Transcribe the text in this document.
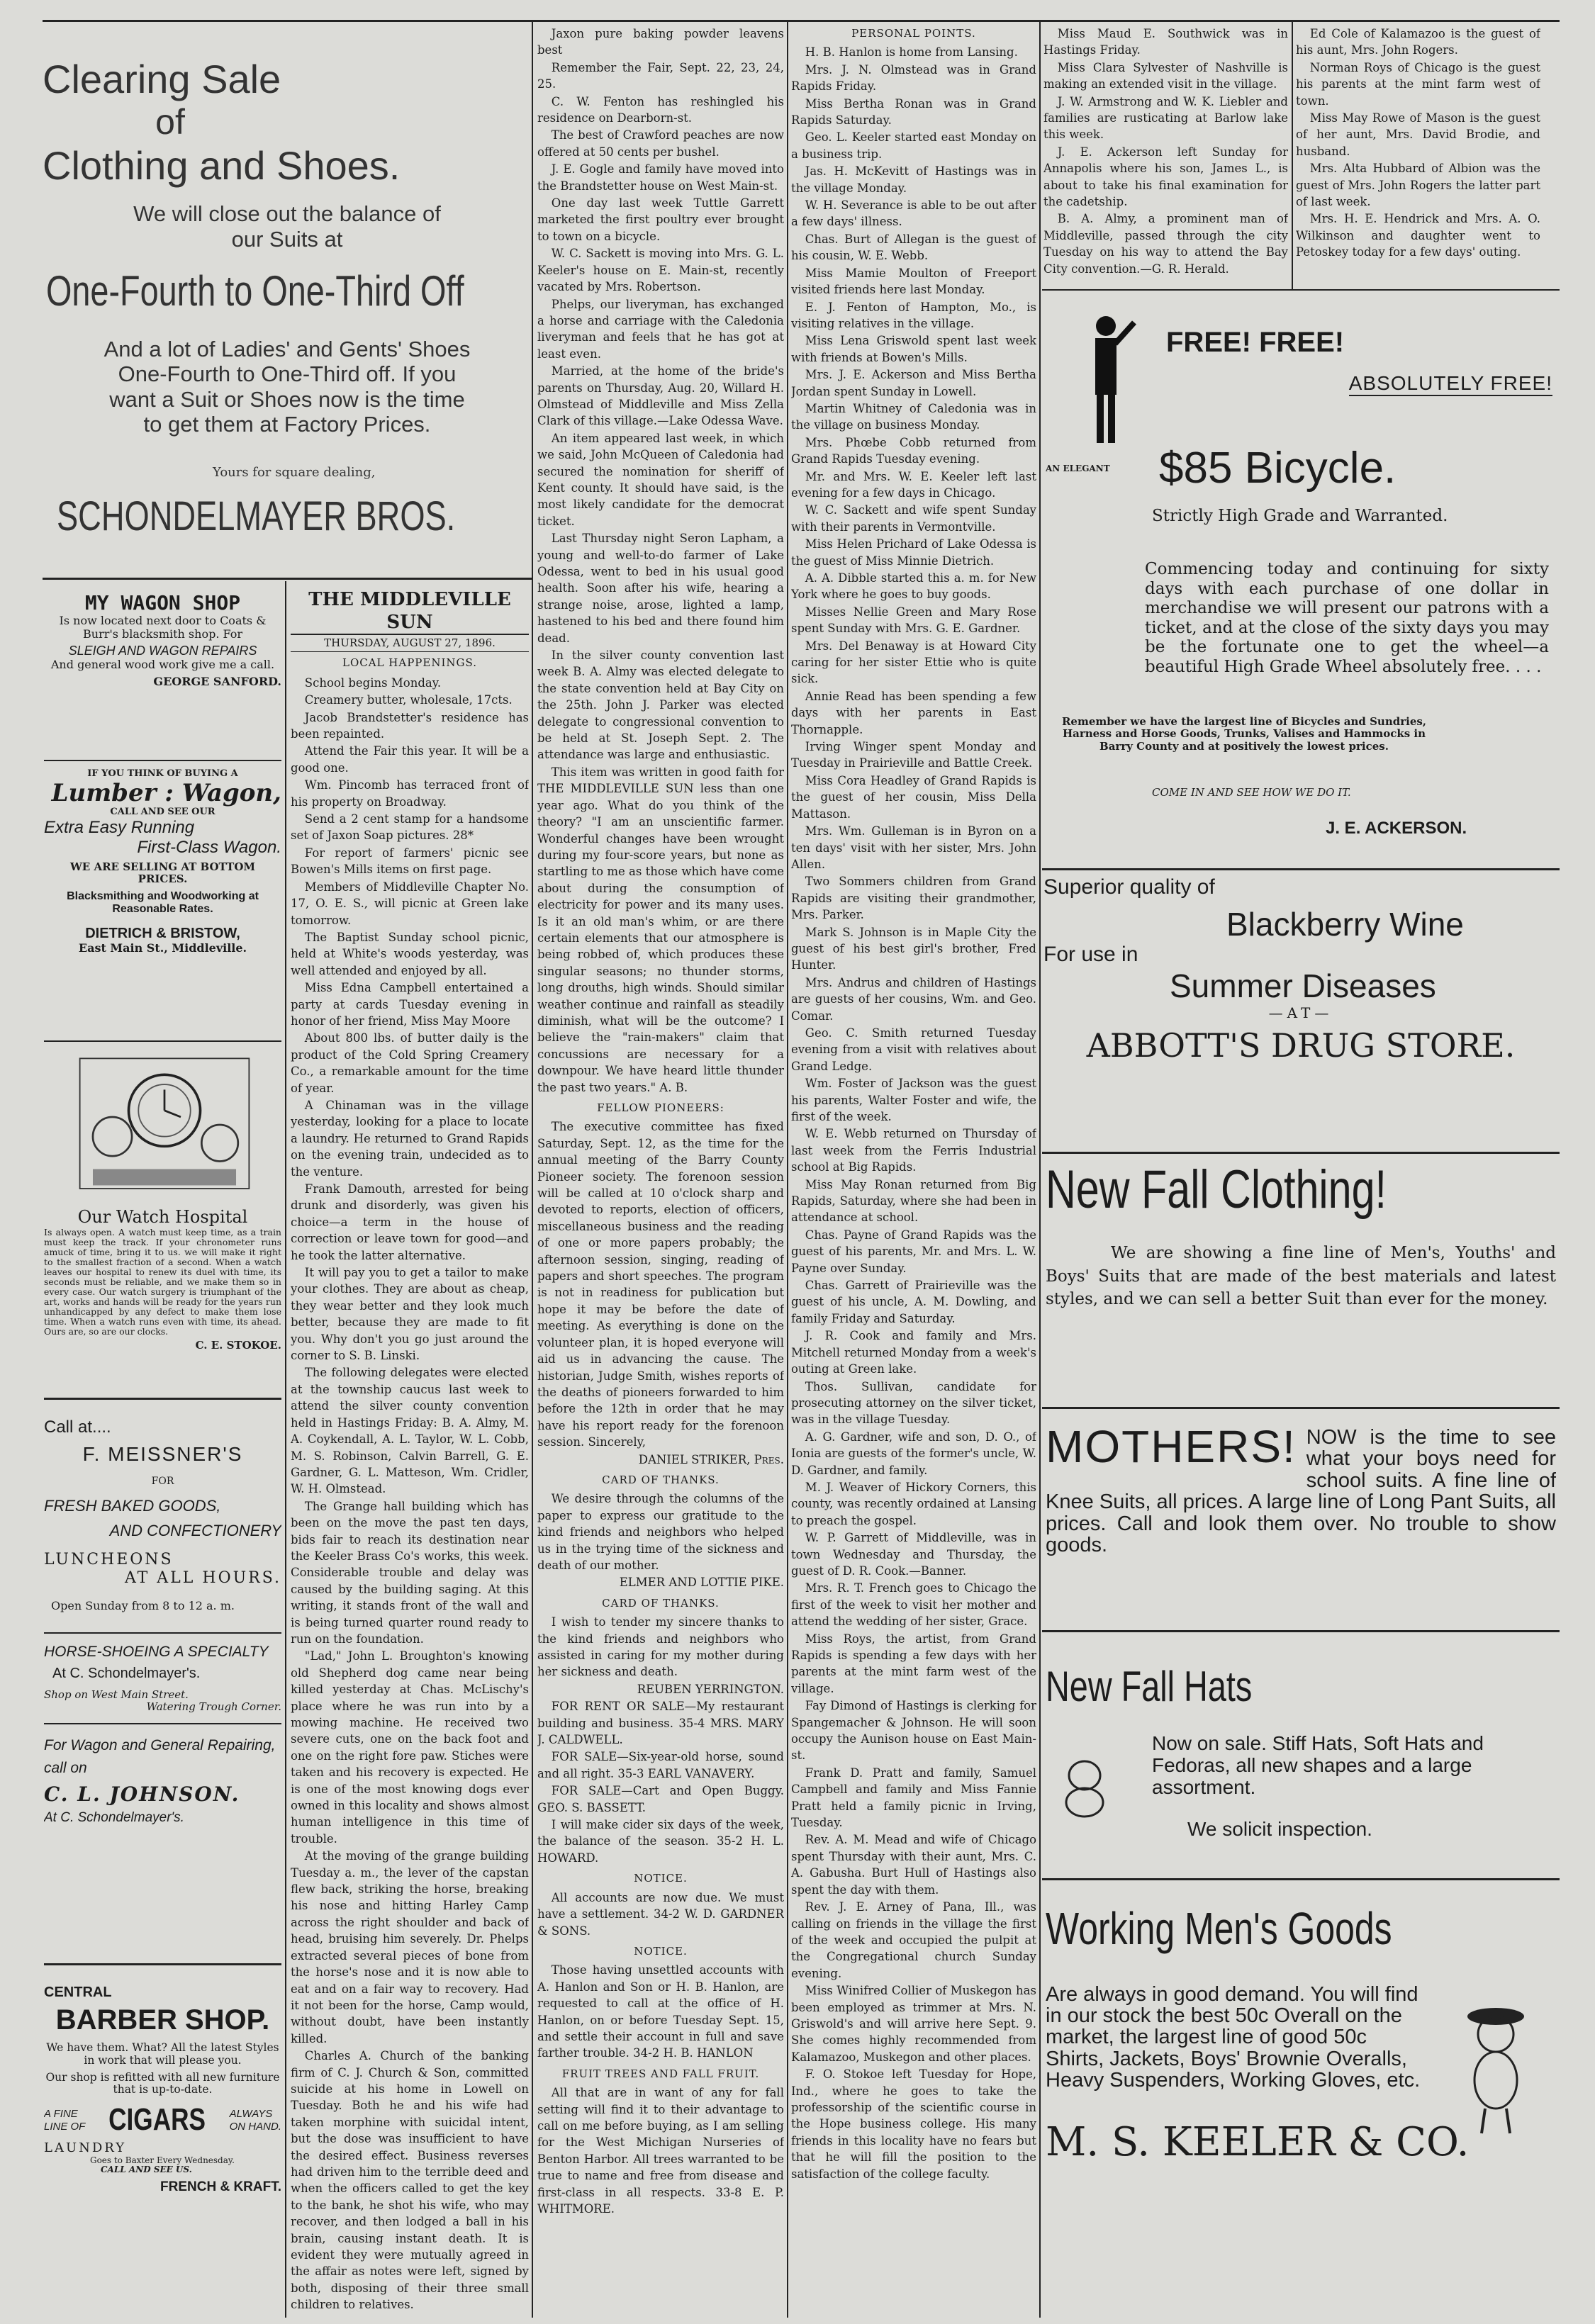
Clearing Sale
of
Clothing and Shoes.
We will close out the balance of
our Suits at
One-Fourth to One-Third Off
And a lot of Ladies' and Gents' Shoes
One-Fourth to One-Third off. If you
want a Suit or Shoes now is the time
to get them at Factory Prices.
Yours for square dealing,
SCHONDELMAYER BROS.
MY WAGON SHOP
Is now located next door to Coats & Burr's blacksmith shop. For
SLEIGH AND WAGON REPAIRS
And general wood work give me a call.
GEORGE SANFORD.
IF YOU THINK OF BUYING A
Lumber : Wagon,
CALL AND SEE OUR
Extra Easy Running
First-Class Wagon.
WE ARE SELLING AT BOTTOM PRICES.
Blacksmithing and Woodworking at Reasonable Rates.
DIETRICH & BRISTOW,
East Main St., Middleville.
Our Watch Hospital
Is always open. A watch must keep time, as a train must keep the track. If your chronometer runs amuck of time, bring it to us. we will make it right to the smallest fraction of a second. When a watch leaves our hospital to renew its duel with time, its seconds must be reliable, and we make them so in every case. Our watch surgery is triumphant of the art, works and hands will be ready for the years run unhandicapped by any defect to make them lose time. When a watch runs even with time, its ahead. Ours are, so are our clocks.
C. E. STOKOE.
Call at....
F. MEISSNER'S
FOR
FRESH BAKED GOODS,
AND CONFECTIONERY
LUNCHEONS
AT ALL HOURS.
Open Sunday from 8 to 12 a. m.
HORSE-SHOEING A SPECIALTY
At C. Schondelmayer's.
Shop on West Main Street.
Watering Trough Corner.
For Wagon and General Repairing, call on
C. L. JOHNSON.
At C. Schondelmayer's.
CENTRAL
BARBER SHOP.
We have them. What? All the latest Styles in work that will please you.
Our shop is refitted with all new furniture that is up-to-date.
A FINE
LINE OF CIGARS ALWAYS
ON HAND.
LAUNDRY
Goes to Baxter Every Wednesday.
CALL AND SEE US.
FRENCH & KRAFT.
THE MIDDLEVILLE SUN
THURSDAY, AUGUST 27, 1896.
LOCAL HAPPENINGS.

School begins Monday.

Creamery butter, wholesale, 17cts.

Jacob Brandstetter's residence has been repainted.

Attend the Fair this year. It will be a good one.

Wm. Pincomb has terraced front of his property on Broadway.

Send a 2 cent stamp for a handsome set of Jaxon Soap pictures. 28*

For report of farmers' picnic see Bowen's Mills items on first page.

Members of Middleville Chapter No. 17, O. E. S., will picnic at Green lake tomorrow.

The Baptist Sunday school picnic, held at White's woods yesterday, was well attended and enjoyed by all.

Miss Edna Campbell entertained a party at cards Tuesday evening in honor of her friend, Miss May Moore

About 800 lbs. of butter daily is the product of the Cold Spring Creamery Co., a remarkable amount for the time of year.

A Chinaman was in the village yesterday, looking for a place to locate a laundry. He returned to Grand Rapids on the evening train, undecided as to the venture.

Frank Damouth, arrested for being drunk and disorderly, was given his choice—a term in the house of correction or leave town for good—and he took the latter alternative.

It will pay you to get a tailor to make your clothes. They are about as cheap, they wear better and they look much better, because they are made to fit you. Why don't you go just around the corner to S. B. Linski.

The following delegates were elected at the township caucus last week to attend the silver county convention held in Hastings Friday: B. A. Almy, M. A. Coykendall, A. L. Taylor, W. L. Cobb, M. S. Robinson, Calvin Barrell, G. E. Gardner, G. L. Matteson, Wm. Cridler, W. H. Olmstead.

The Grange hall building which has been on the move the past ten days, bids fair to reach its destination near the Keeler Brass Co's works, this week. Considerable trouble and delay was caused by the building saging. At this writing, it stands front of the wall and is being turned quarter round ready to run on the foundation.

"Lad," John L. Broughton's knowing old Shepherd dog came near being killed yesterday at Chas. McLischy's place where he was run into by a mowing machine. He received two severe cuts, one on the back foot and one on the right fore paw. Stiches were taken and his recovery is expected. He is one of the most knowing dogs ever owned in this locality and shows almost human intelligence in this time of trouble.

At the moving of the grange building Tuesday a. m., the lever of the capstan flew back, striking the horse, breaking his nose and hitting Harley Camp across the right shoulder and back of head, bruising him severely. Dr. Phelps extracted several pieces of bone from the horse's nose and it is now able to eat and on a fair way to recovery. Had it not been for the horse, Camp would, without doubt, have been instantly killed.

Charles A. Church of the banking firm of C. J. Church & Son, committed suicide at his home in Lowell on Tuesday. Both he and his wife had taken morphine with suicidal intent, but the dose was insufficient to have the desired effect. Business reverses had driven him to the terrible deed and when the officers called to get the key to the bank, he shot his wife, who may recover, and then lodged a ball in his brain, causing instant death. It is evident they were mutually agreed in the affair as notes were left, signed by both, disposing of their three small children to relatives.

Jaxon pure baking powder leavens best

Remember the Fair, Sept. 22, 23, 24, 25.

C. W. Fenton has reshingled his residence on Dearborn-st.

The best of Crawford peaches are now offered at 50 cents per bushel.

J. E. Gogle and family have moved into the Brandstetter house on West Main-st.

One day last week Tuttle Garrett marketed the first poultry ever brought to town on a bicycle.

W. C. Sackett is moving into Mrs. G. L. Keeler's house on E. Main-st, recently vacated by Mrs. Robertson.

Phelps, our liveryman, has exchanged a horse and carriage with the Caledonia liveryman and feels that he has got at least even.

Married, at the home of the bride's parents on Thursday, Aug. 20, Willard H. Olmstead of Middleville and Miss Zella Clark of this village.—Lake Odessa Wave.

An item appeared last week, in which we said, John McQueen of Caledonia had secured the nomination for sheriff of Kent county. It should have said, is the most likely candidate for the democrat ticket.

Last Thursday night Seron Lapham, a young and well-to-do farmer of Lake Odessa, went to bed in his usual good health. Soon after his wife, hearing a strange noise, arose, lighted a lamp, hastened to his bed and there found him dead.

In the silver county convention last week B. A. Almy was elected delegate to the state convention held at Bay City on the 25th. John J. Parker was elected delegate to congressional convention to be held at St. Joseph Sept. 2. The attendance was large and enthusiastic.

This item was written in good faith for THE MIDDLEVILLE SUN less than one year ago. What do you think of the theory? "I am an unscientific farmer. Wonderful changes have been wrought during my four-score years, but none as startling to me as those which have come about during the consumption of electricity for power and its many uses. Is it an old man's whim, or are there certain elements that our atmosphere is being robbed of, which produces these singular seasons; no thunder storms, long drouths, high winds. Should similar weather continue and rainfall as steadily diminish, what will be the outcome? I believe the "rain-makers" claim that concussions are necessary for a downpour. We have heard little thunder the past two years." A. B.

FELLOW PIONEERS:

The executive committee has fixed Saturday, Sept. 12, as the time for the annual meeting of the Barry County Pioneer society. The forenoon session will be called at 10 o'clock sharp and devoted to reports, election of officers, miscellaneous business and the reading of one or more papers probably; the afternoon session, singing, reading of papers and short speeches. The program is not in readiness for publication but hope it may be before the date of meeting. As everything is done on the volunteer plan, it is hoped everyone will aid us in advancing the cause. The historian, Judge Smith, wishes reports of the deaths of pioneers forwarded to him before the 12th in order that he may have his report ready for the forenoon session. Sincerely,

DANIEL STRIKER, Pres.

CARD OF THANKS.

We desire through the columns of the paper to express our gratitude to the kind friends and neighbors who helped us in the trying time of the sickness and death of our mother.

ELMER AND LOTTIE PIKE.

CARD OF THANKS.

I wish to tender my sincere thanks to the kind friends and neighbors who assisted in caring for my mother during her sickness and death.

REUBEN YERRINGTON.

FOR RENT OR SALE—My restaurant building and business. 35-4 MRS. MARY J. CALDWELL.

FOR SALE—Six-year-old horse, sound and all right. 35-3 EARL VANAVERY.

FOR SALE—Cart and Open Buggy. GEO. S. BASSETT.

I will make cider six days of the week, the balance of the season. 35-2 H. L. HOWARD.

NOTICE.

All accounts are now due. We must have a settlement. 34-2 W. D. GARDNER & SONS.

NOTICE.

Those having unsettled accounts with A. Hanlon and Son or H. B. Hanlon, are requested to call at the office of H. Hanlon, on or before Tuesday Sept. 15, and settle their account in full and save farther trouble. 34-2 H. B. HANLON

FRUIT TREES AND FALL FRUIT.

All that are in want of any for fall setting will find it to their advantage to call on me before buying, as I am selling for the West Michigan Nurseries of Benton Harbor. All trees warranted to be true to name and free from disease and first-class in all respects. 33-8 E. P. WHITMORE.

PERSONAL POINTS.

H. B. Hanlon is home from Lansing.

Mrs. J. N. Olmstead was in Grand Rapids Friday.

Miss Bertha Ronan was in Grand Rapids Saturday.

Geo. L. Keeler started east Monday on a business trip.

Jas. H. McKevitt of Hastings was in the village Monday.

W. H. Severance is able to be out after a few days' illness.

Chas. Burt of Allegan is the guest of his cousin, W. E. Webb.

Miss Mamie Moulton of Freeport visited friends here last Monday.

E. J. Fenton of Hampton, Mo., is visiting relatives in the village.

Miss Lena Griswold spent last week with friends at Bowen's Mills.

Mrs. J. E. Ackerson and Miss Bertha Jordan spent Sunday in Lowell.

Martin Whitney of Caledonia was in the village on business Monday.

Mrs. Phœbe Cobb returned from Grand Rapids Tuesday evening.

Mr. and Mrs. W. E. Keeler left last evening for a few days in Chicago.

W. C. Sackett and wife spent Sunday with their parents in Vermontville.

Miss Helen Prichard of Lake Odessa is the guest of Miss Minnie Dietrich.

A. A. Dibble started this a. m. for New York where he goes to buy goods.

Misses Nellie Green and Mary Rose spent Sunday with Mrs. G. E. Gardner.

Mrs. Del Benaway is at Howard City caring for her sister Ettie who is quite sick.

Annie Read has been spending a few days with her parents in East Thornapple.

Irving Winger spent Monday and Tuesday in Prairieville and Battle Creek.

Miss Cora Headley of Grand Rapids is the guest of her cousin, Miss Della Mattason.

Mrs. Wm. Gulleman is in Byron on a ten days' visit with her sister, Mrs. John Allen.

Two Sommers children from Grand Rapids are visiting their grandmother, Mrs. Parker.

Mark S. Johnson is in Maple City the guest of his best girl's brother, Fred Hunter.

Mrs. Andrus and children of Hastings are guests of her cousins, Wm. and Geo. Comar.

Geo. C. Smith returned Tuesday evening from a visit with relatives about Grand Ledge.

Wm. Foster of Jackson was the guest his parents, Walter Foster and wife, the first of the week.

W. E. Webb returned on Thursday of last week from the Ferris Industrial school at Big Rapids.

Miss May Ronan returned from Big Rapids, Saturday, where she had been in attendance at school.

Chas. Payne of Grand Rapids was the guest of his parents, Mr. and Mrs. L. W. Payne over Sunday.

Chas. Garrett of Prairieville was the guest of his uncle, A. M. Dowling, and family Friday and Saturday.

J. R. Cook and family and Mrs. Mitchell returned Monday from a week's outing at Green lake.

Thos. Sullivan, candidate for prosecuting attorney on the silver ticket, was in the village Tuesday.

A. G. Gardner, wife and son, D. O., of Ionia are guests of the former's uncle, W. D. Gardner, and family.

M. J. Weaver of Hickory Corners, this county, was recently ordained at Lansing to preach the gospel.

W. P. Garrett of Middleville, was in town Wednesday and Thursday, the guest of D. R. Cook.—Banner.

Mrs. R. T. French goes to Chicago the first of the week to visit her mother and attend the wedding of her sister, Grace.

Miss Roys, the artist, from Grand Rapids is spending a few days with her parents at the mint farm west of the village.

Fay Dimond of Hastings is clerking for Spangemacher & Johnson. He will soon occupy the Aunison house on East Main-st.

Frank D. Pratt and family, Samuel Campbell and family and Miss Fannie Pratt held a family picnic in Irving, Tuesday.

Rev. A. M. Mead and wife of Chicago spent Thursday with their aunt, Mrs. C. A. Gabusha. Burt Hull of Hastings also spent the day with them.

Rev. J. E. Arney of Pana, Ill., was calling on friends in the village the first of the week and occupied the pulpit at the Congregational church Sunday evening.

Miss Winifred Collier of Muskegon has been employed as trimmer at Mrs. N. Griswold's and will arrive here Sept. 9. She comes highly recommended from Kalamazoo, Muskegon and other places.

F. O. Stokoe left Tuesday for Hope, Ind., where he goes to take the professorship of the scientific course in the Hope business college. His many friends in this locality have no fears but that he will fill the position to the satisfaction of the college faculty.

Miss Maud E. Southwick was in Hastings Friday.

Miss Clara Sylvester of Nashville is making an extended visit in the village.

J. W. Armstrong and W. K. Liebler and families are rusticating at Barlow lake this week.

J. E. Ackerson left Sunday for Annapolis where his son, James L., is about to take his final examination for the cadetship.

B. A. Almy, a prominent man of Middleville, passed through the city Tuesday on his way to attend the Bay City convention.—G. R. Herald.

Ed Cole of Kalamazoo is the guest of his aunt, Mrs. John Rogers.

Norman Roys of Chicago is the guest his parents at the mint farm west of town.

Miss May Rowe of Mason is the guest of her aunt, Mrs. David Brodie, and husband.

Mrs. Alta Hubbard of Albion was the guest of Mrs. John Rogers the latter part of last week.

Mrs. H. E. Hendrick and Mrs. A. O. Wilkinson and daughter went to Petoskey today for a few days' outing.

FREE! FREE!
ABSOLUTELY FREE!
AN ELEGANT $85 Bicycle.
Strictly High Grade and Warranted.
Commencing today and continuing for sixty days with each purchase of one dollar in merchandise we will present our patrons with a ticket, and at the close of the sixty days you may be the fortunate one to get the wheel—a beautiful High Grade Wheel absolutely free. . . .
Remember we have the largest line of Bicycles and Sundries, Harness and Horse Goods, Trunks, Valises and Hammocks in Barry County and at positively the lowest prices.
COME IN AND SEE HOW WE DO IT.
J. E. ACKERSON.
Superior quality of
Blackberry Wine
For use in
Summer Diseases
—AT—
ABBOTT'S DRUG STORE.
New Fall Clothing!
We are showing a fine line of Men's, Youths' and Boys' Suits that are made of the best materials and latest styles, and we can sell a better Suit than ever for the money.
MOTHERS! NOW is the time to see what your boys need for school suits. A fine line of Knee Suits, all prices. A large line of Long Pant Suits, all prices. Call and look them over. No trouble to show goods.
New Fall Hats
Now on sale. Stiff Hats, Soft Hats and Fedoras, all new shapes and a large assortment.
We solicit inspection.
Working Men's Goods
Are always in good demand. You will find in our stock the best 50c Overall on the market, the largest line of good 50c Shirts, Jackets, Boys' Brownie Overalls, Heavy Suspenders, Working Gloves, etc.
M. S. KEELER & CO.
